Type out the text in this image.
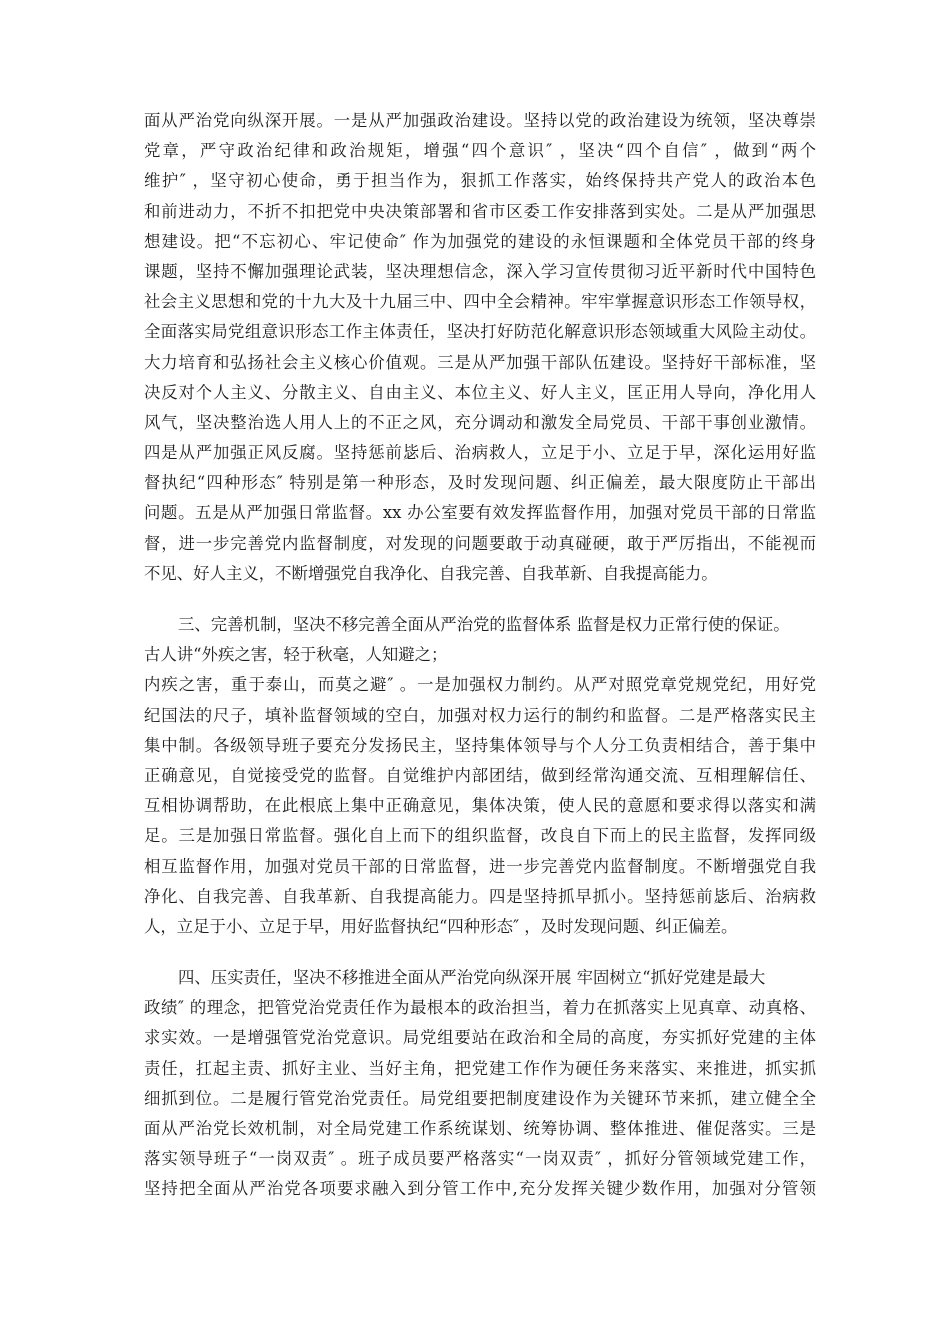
面从严治党向纵深开展。一是从严加强政治建设。坚持以党的政治建设为统领，坚决尊崇
党章，严守政治纪律和政治规矩，增强“四个意识″ ，坚决“四个自信″ ，做到“两个
维护″ ，坚守初心使命，勇于担当作为，狠抓工作落实，始终保持共产党人的政治本色
和前进动力，不折不扣把党中央决策部署和省市区委工作安排落到实处。二是从严加强思
想建设。把“不忘初心、牢记使命″ 作为加强党的建设的永恒课题和全体党员干部的终身
课题，坚持不懈加强理论武装，坚决理想信念，深入学习宣传贯彻习近平新时代中国特色
社会主义思想和党的十九大及十九届三中、四中全会精神。牢牢掌握意识形态工作领导权，
全面落实局党组意识形态工作主体责任，坚决打好防范化解意识形态领域重大风险主动仗。
大力培育和弘扬社会主义核心价值观。三是从严加强干部队伍建设。坚持好干部标准，坚
决反对个人主义、分散主义、自由主义、本位主义、好人主义，匡正用人导向，净化用人
风气，坚决整治选人用人上的不正之风，充分调动和激发全局党员、干部干事创业激情。
四是从严加强正风反腐。坚持惩前毖后、治病救人，立足于小、立足于早，深化运用好监
督执纪“四种形态″ 特别是第一种形态，及时发现问题、纠正偏差，最大限度防止干部出
问题。五是从严加强日常监督。xx 办公室要有效发挥监督作用，加强对党员干部的日常监
督，进一步完善党内监督制度，对发现的问题要敢于动真碰硬，敢于严厉指出，不能视而
不见、好人主义，不断增强党自我净化、自我完善、自我革新、自我提高能力。
三、完善机制，坚决不移完善全面从严治党的监督体系 监督是权力正常行使的保证。
古人讲“外疾之害，轻于秋毫，人知避之；
内疾之害，重于泰山，而莫之避″ 。一是加强权力制约。从严对照党章党规党纪，用好党
纪国法的尺子，填补监督领域的空白，加强对权力运行的制约和监督。二是严格落实民主
集中制。各级领导班子要充分发扬民主，坚持集体领导与个人分工负责相结合，善于集中
正确意见，自觉接受党的监督。自觉维护内部团结，做到经常沟通交流、互相理解信任、
互相协调帮助，在此根底上集中正确意见，集体决策，使人民的意愿和要求得以落实和满
足。三是加强日常监督。强化自上而下的组织监督，改良自下而上的民主监督，发挥同级
相互监督作用，加强对党员干部的日常监督，进一步完善党内监督制度。不断增强党自我
净化、自我完善、自我革新、自我提高能力。四是坚持抓早抓小。坚持惩前毖后、治病救
人，立足于小、立足于早，用好监督执纪“四种形态″ ，及时发现问题、纠正偏差。
四、压实责任，坚决不移推进全面从严治党向纵深开展 牢固树立“抓好党建是最大
政绩″ 的理念，把管党治党责任作为最根本的政治担当，着力在抓落实上见真章、动真格、
求实效。一是增强管党治党意识。局党组要站在政治和全局的高度，夯实抓好党建的主体
责任，扛起主责、抓好主业、当好主角，把党建工作作为硬任务来落实、来推进，抓实抓
细抓到位。二是履行管党治党责任。局党组要把制度建设作为关键环节来抓，建立健全全
面从严治党长效机制，对全局党建工作系统谋划、统筹协调、整体推进、催促落实。三是
落实领导班子“一岗双责″ 。班子成员要严格落实“一岗双责″ ，抓好分管领域党建工作，
坚持把全面从严治党各项要求融入到分管工作中,充分发挥关键少数作用，加强对分管领
